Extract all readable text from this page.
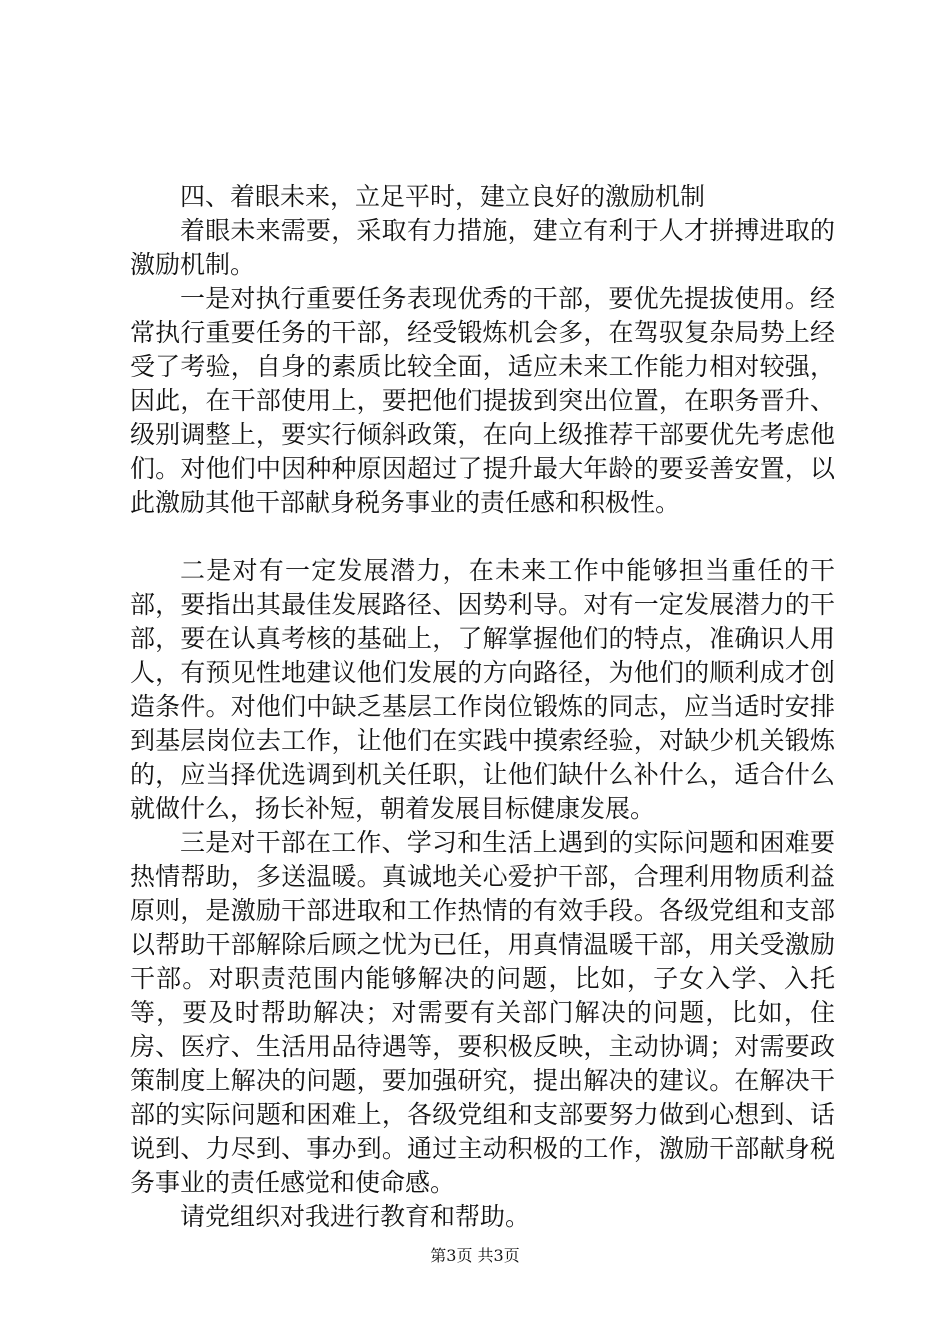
四、着眼未来，立足平时，建立良好的激励机制

着眼未来需要，采取有力措施，建立有利于人才拼搏进取的激励机制。

一是对执行重要任务表现优秀的干部，要优先提拔使用。经常执行重要任务的干部，经受锻炼机会多，在驾驭复杂局势上经受了考验，自身的素质比较全面，适应未来工作能力相对较强，因此，在干部使用上，要把他们提拔到突出位置，在职务晋升、级别调整上，要实行倾斜政策，在向上级推荐干部要优先考虑他们。对他们中因种种原因超过了提升最大年龄的要妥善安置，以此激励其他干部献身税务事业的责任感和积极性。

二是对有一定发展潜力，在未来工作中能够担当重任的干部，要指出其最佳发展路径、因势利导。对有一定发展潜力的干部，要在认真考核的基础上，了解掌握他们的特点，准确识人用人，有预见性地建议他们发展的方向路径，为他们的顺利成才创造条件。对他们中缺乏基层工作岗位锻炼的同志，应当适时安排到基层岗位去工作，让他们在实践中摸索经验，对缺少机关锻炼的，应当择优选调到机关任职，让他们缺什么补什么，适合什么就做什么，扬长补短，朝着发展目标健康发展。

三是对干部在工作、学习和生活上遇到的实际问题和困难要热情帮助，多送温暖。真诚地关心爱护干部，合理利用物质利益原则，是激励干部进取和工作热情的有效手段。各级党组和支部以帮助干部解除后顾之忧为已任，用真情温暖干部，用关受激励干部。对职责范围内能够解决的问题，比如，子女入学、入托等，要及时帮助解决；对需要有关部门解决的问题，比如，住房、医疗、生活用品待遇等，要积极反映，主动协调；对需要政策制度上解决的问题，要加强研究，提出解决的建议。在解决干部的实际问题和困难上，各级党组和支部要努力做到心想到、话说到、力尽到、事办到。通过主动积极的工作，激励干部献身税务事业的责任感觉和使命感。

请党组织对我进行教育和帮助。

第3页 共3页
